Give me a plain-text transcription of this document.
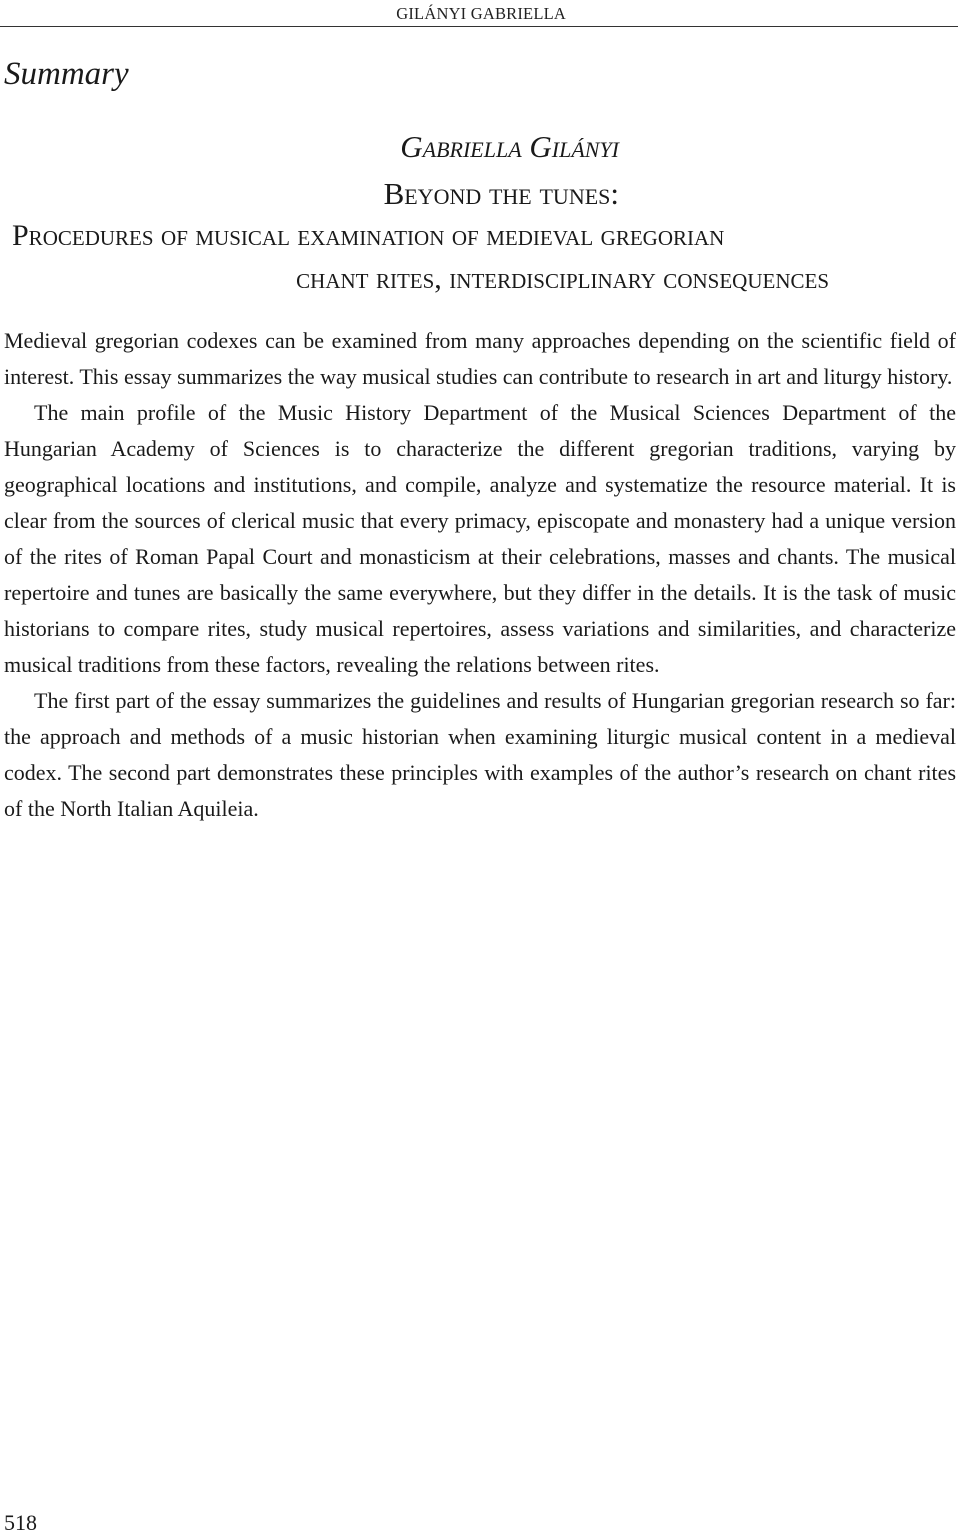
GILÁNYI GABRIELLA
Summary
Gabriella Gilányi
Beyond the tunes:
Procedures of musical examination of medieval gregorian
chant rites, interdisciplinary consequences

Medieval gregorian codexes can be examined from many approaches depending on the scientific field of interest. This essay summarizes the way musical studies can contribute to research in art and liturgy history.

The main profile of the Music History Department of the Musical Sciences Department of the Hungarian Academy of Sciences is to characterize the different gregorian traditions, varying by geographical locations and institutions, and compile, analyze and systematize the resource material. It is clear from the sources of clerical music that every primacy, episcopate and monastery had a unique version of the rites of Roman Papal Court and monasticism at their celebrations, masses and chants. The musical repertoire and tunes are basically the same everywhere, but they differ in the details. It is the task of music historians to compare rites, study musical repertoires, assess variations and similarities, and characterize musical traditions from these factors, revealing the relations between rites.

The first part of the essay summarizes the guidelines and results of Hungarian gregorian research so far: the approach and methods of a music historian when examining liturgic musical content in a medieval codex. The second part demonstrates these principles with examples of the author’s research on chant rites of the North Italian Aquileia.

518
